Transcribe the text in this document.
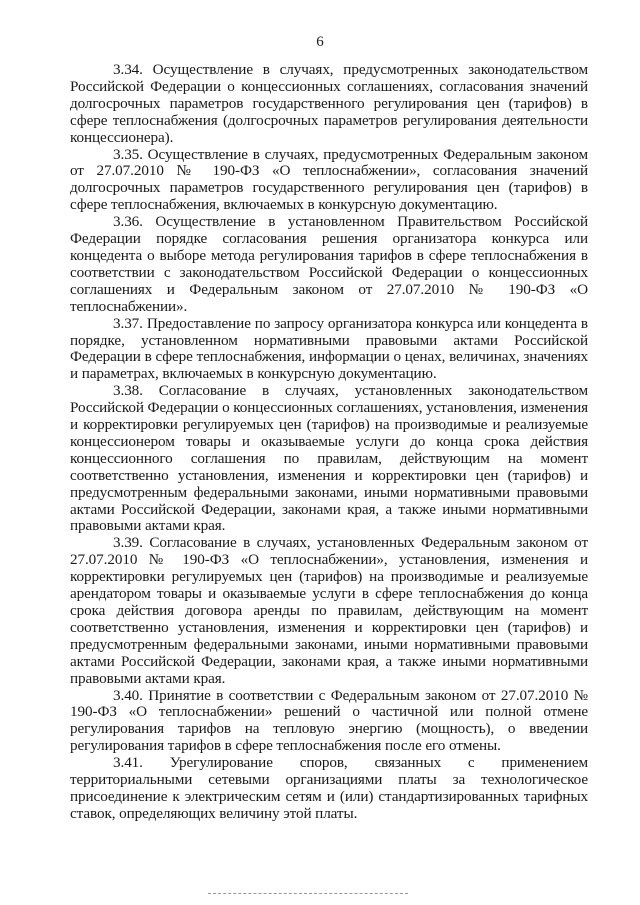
6

3.34. Осуществление в случаях, предусмотренных законодательством Российской Федерации о концессионных соглашениях, согласования значений долгосрочных параметров государственного регулирования цен (тарифов) в сфере теплоснабжения (долгосрочных параметров регулирования деятельности концессионера).

3.35. Осуществление в случаях, предусмотренных Федеральным законом от 27.07.2010 № 190-ФЗ «О теплоснабжении», согласования значений долгосрочных параметров государственного регулирования цен (тарифов) в сфере теплоснабжения, включаемых в конкурсную документацию.

3.36. Осуществление в установленном Правительством Российской Федерации порядке согласования решения организатора конкурса или концедента о выборе метода регулирования тарифов в сфере теплоснабжения в соответствии с законодательством Российской Федерации о концессионных соглашениях и Федеральным законом от 27.07.2010 № 190-ФЗ «О теплоснабжении».

3.37. Предоставление по запросу организатора конкурса или концедента в порядке, установленном нормативными правовыми актами Российской Федерации в сфере теплоснабжения, информации о ценах, величинах, значениях и параметрах, включаемых в конкурсную документацию.

3.38. Согласование в случаях, установленных законодательством Российской Федерации о концессионных соглашениях, установления, изменения и корректировки регулируемых цен (тарифов) на производимые и реализуемые концессионером товары и оказываемые услуги до конца срока действия концессионного соглашения по правилам, действующим на момент соответственно установления, изменения и корректировки цен (тарифов) и предусмотренным федеральными законами, иными нормативными правовыми актами Российской Федерации, законами края, а также иными нормативными правовыми актами края.

3.39. Согласование в случаях, установленных Федеральным законом от 27.07.2010 № 190-ФЗ «О теплоснабжении», установления, изменения и корректировки регулируемых цен (тарифов) на производимые и реализуемые арендатором товары и оказываемые услуги в сфере теплоснабжения до конца срока действия договора аренды по правилам, действующим на момент соответственно установления, изменения и корректировки цен (тарифов) и предусмотренным федеральными законами, иными нормативными правовыми актами Российской Федерации, законами края, а также иными нормативными правовыми актами края.

3.40. Принятие в соответствии с Федеральным законом от 27.07.2010 № 190-ФЗ «О теплоснабжении» решений о частичной или полной отмене регулирования тарифов на тепловую энергию (мощность), о введении регулирования тарифов в сфере теплоснабжения после его отмены.

3.41. Урегулирование споров, связанных с применением территориальными сетевыми организациями платы за технологическое присоединение к электрическим сетям и (или) стандартизированных тарифных ставок, определяющих величину этой платы.
